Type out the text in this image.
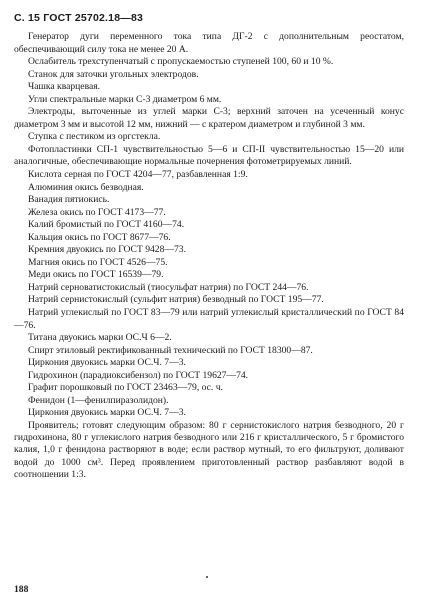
С. 15 ГОСТ 25702.18—83

Генератор дуги переменного тока типа ДГ-2 с дополнительным реостатом, обеспечивающий силу тока не менее 20 А.

Ослабитель трехступенчатый с пропускаемостью ступеней 100, 60 и 10 %.

Станок для заточки угольных электродов.

Чашка кварцевая.

Угли спектральные марки С-3 диаметром 6 мм.

Электроды, выточенные из углей марки С-3; верхний заточен на усеченный конус диаметром 3 мм и высотой 12 мм, нижний — с кратером диаметром и глубиной 3 мм.

Ступка с пестиком из оргстекла.

Фотопластинки СП-1 чувствительностью 5—6 и СП-II чувствительностью 15—20 или аналогичные, обеспечивающие нормальные почернения фотометрируемых линий.

Кислота серная по ГОСТ 4204—77, разбавленная 1:9.

Алюминия окись безводная.

Ванадия пятиокись.

Железа окись по ГОСТ 4173—77.

Калий бромистый по ГОСТ 4160—74.

Кальция окись по ГОСТ 8677—76.

Кремния двуокись по ГОСТ 9428—73.

Магния окись по ГОСТ 4526—75.

Меди окись по ГОСТ 16539—79.

Натрий серноватистокислый (тиосульфат натрия) по ГОСТ 244—76.

Натрий сернистокислый (сульфит натрия) безводный по ГОСТ 195—77.

Натрий углекислый по ГОСТ 83—79 или натрий углекислый кристаллический по ГОСТ 84—76.

Титана двуокись марки ОС.Ч 6—2.

Спирт этиловый ректификованный технический по ГОСТ 18300—87.

Циркония двуокись марки ОС.Ч. 7—3.

Гидрохинон (парадиоксибензол) по ГОСТ 19627—74.

Графит порошковый по ГОСТ 23463—79, ос. ч.

Фенидон (1—фенилпиразолидон).

Циркония двуокись марки ОС.Ч. 7—3.

Проявитель; готовят следующим образом: 80 г сернистокислого натрия безводного, 20 г гидрохинона, 80 г углекислого натрия безводного или 216 г кристаллического, 5 г бромистого калия, 1,0 г фенидона растворяют в воде; если раствор мутный, то его фильтруют, доливают водой до 1000 см³. Перед проявлением приготовленный раствор разбавляют водой в соотношении 1:3.

188
